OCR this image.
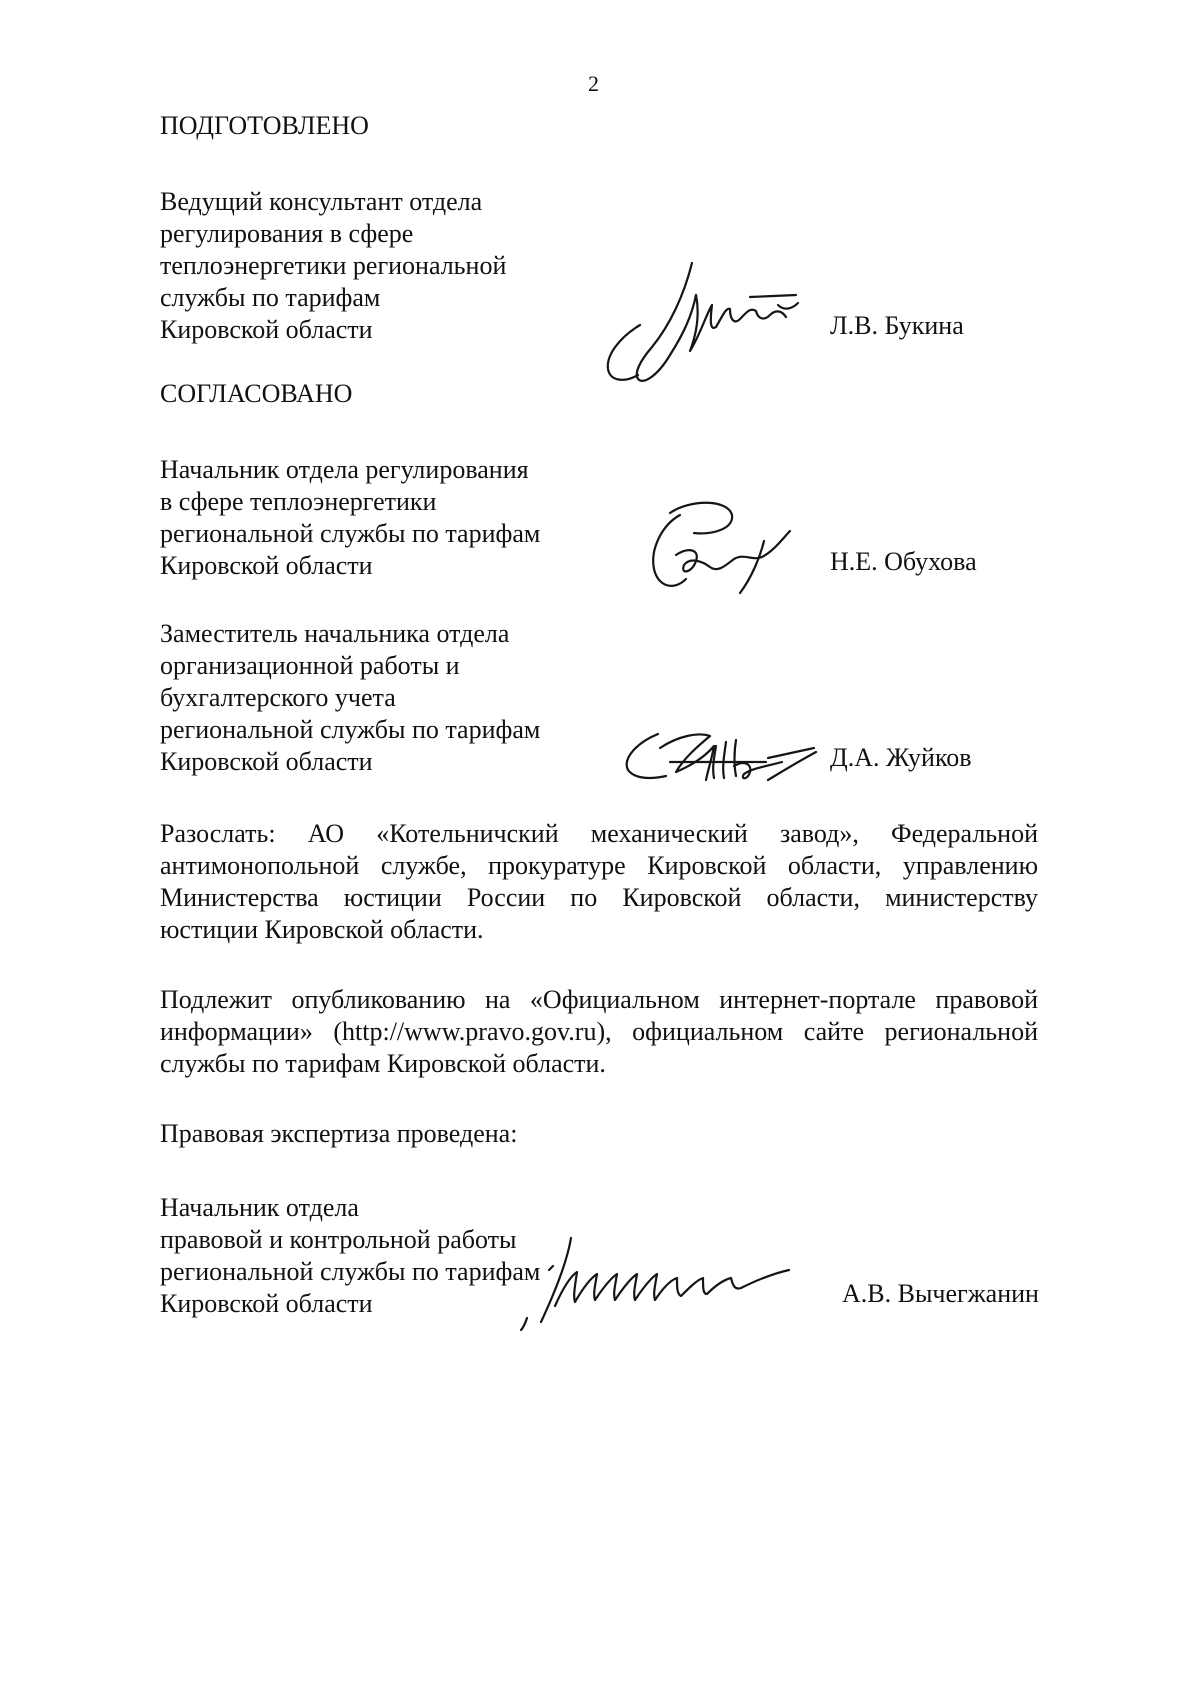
2
ПОДГОТОВЛЕНО
Ведущий консультант отдела
регулирования в сфере
теплоэнергетики региональной
службы по тарифам
Кировской области	Л.В. Букина
СОГЛАСОВАНО
Начальник отдела регулирования
в сфере теплоэнергетики
региональной службы по тарифам
Кировской области	Н.Е. Обухова
Заместитель начальника отдела
организационной работы и
бухгалтерского учета
региональной службы по тарифам
Кировской области	Д.А. Жуйков
Разослать: АО «Котельничский механический завод», Федеральной
антимонопольной службе, прокуратуре Кировской области, управлению
Министерства юстиции России по Кировской области, министерству
юстиции Кировской области.
Подлежит опубликованию на «Официальном интернет-портале правовой
информации» (http://www.pravo.gov.ru), официальном сайте региональной
службы по тарифам Кировской области.
Правовая экспертиза проведена:
Начальник отдела
правовой и контрольной работы
региональной службы по тарифам
Кировской области	А.В. Вычегжанин
